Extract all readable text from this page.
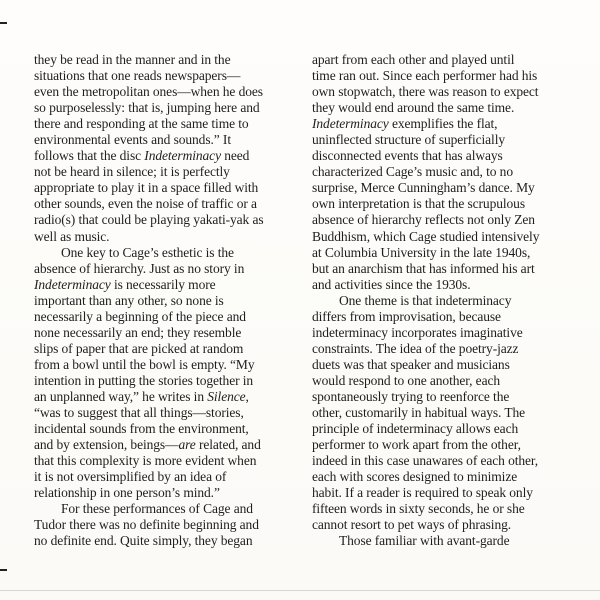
they be read in the manner and in the
situations that one reads newspapers—
even the metropolitan ones—when he does
so purposelessly: that is, jumping here and
there and responding at the same time to
environmental events and sounds.” It
follows that the disc Indeterminacy need
not be heard in silence; it is perfectly
appropriate to play it in a space filled with
other sounds, even the noise of traffic or a
radio(s) that could be playing yakati-yak as
well as music.
One key to Cage’s esthetic is the
absence of hierarchy. Just as no story in
Indeterminacy is necessarily more
important than any other, so none is
necessarily a beginning of the piece and
none necessarily an end; they resemble
slips of paper that are picked at random
from a bowl until the bowl is empty. “My
intention in putting the stories together in
an unplanned way,” he writes in Silence,
“was to suggest that all things—stories,
incidental sounds from the environment,
and by extension, beings—are related, and
that this complexity is more evident when
it is not oversimplified by an idea of
relationship in one person’s mind.”
For these performances of Cage and
Tudor there was no definite beginning and
no definite end. Quite simply, they began
apart from each other and played until
time ran out. Since each performer had his
own stopwatch, there was reason to expect
they would end around the same time.
Indeterminacy exemplifies the flat,
uninflected structure of superficially
disconnected events that has always
characterized Cage’s music and, to no
surprise, Merce Cunningham’s dance. My
own interpretation is that the scrupulous
absence of hierarchy reflects not only Zen
Buddhism, which Cage studied intensively
at Columbia University in the late 1940s,
but an anarchism that has informed his art
and activities since the 1930s.
One theme is that indeterminacy
differs from improvisation, because
indeterminacy incorporates imaginative
constraints. The idea of the poetry-jazz
duets was that speaker and musicians
would respond to one another, each
spontaneously trying to reenforce the
other, customarily in habitual ways. The
principle of indeterminacy allows each
performer to work apart from the other,
indeed in this case unawares of each other,
each with scores designed to minimize
habit. If a reader is required to speak only
fifteen words in sixty seconds, he or she
cannot resort to pet ways of phrasing.
Those familiar with avant-garde
